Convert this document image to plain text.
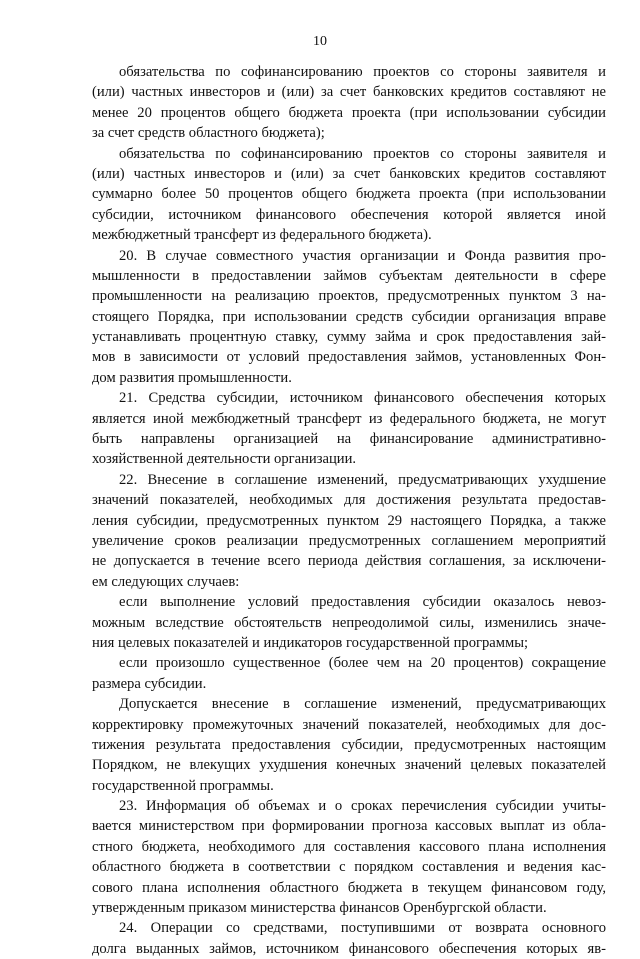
10
обязательства по софинансированию проектов со стороны заявителя и
(или) частных инвесторов и (или) за счет банковских кредитов составляют не
менее 20 процентов общего бюджета проекта (при использовании субсидии
за счет средств областного бюджета);
обязательства по софинансированию проектов со стороны заявителя и
(или) частных инвесторов и (или) за счет банковских кредитов составляют
суммарно более 50 процентов общего бюджета проекта (при использовании
субсидии, источником финансового обеспечения которой является иной
межбюджетный трансферт из федерального бюджета).
20. В случае совместного участия организации и Фонда развития про-
мышленности в предоставлении займов субъектам деятельности в сфере
промышленности на реализацию проектов, предусмотренных пунктом 3 на-
стоящего Порядка, при использовании средств субсидии организация вправе
устанавливать процентную ставку, сумму займа и срок предоставления зай-
мов в зависимости от условий предоставления займов, установленных Фон-
дом развития промышленности.
21. Средства субсидии, источником финансового обеспечения которых
является иной межбюджетный трансферт из федерального бюджета, не могут
быть направлены организацией на финансирование административно-
хозяйственной деятельности организации.
22. Внесение в соглашение изменений, предусматривающих ухудшение
значений показателей, необходимых для достижения результата предостав-
ления субсидии, предусмотренных пунктом 29 настоящего Порядка, а также
увеличение сроков реализации предусмотренных соглашением мероприятий
не допускается в течение всего периода действия соглашения, за исключени-
ем следующих случаев:
если выполнение условий предоставления субсидии оказалось невоз-
можным вследствие обстоятельств непреодолимой силы, изменились значе-
ния целевых показателей и индикаторов государственной программы;
если произошло существенное (более чем на 20 процентов) сокращение
размера субсидии.
Допускается внесение в соглашение изменений, предусматривающих
корректировку промежуточных значений показателей, необходимых для дос-
тижения результата предоставления субсидии, предусмотренных настоящим
Порядком, не влекущих ухудшения конечных значений целевых показателей
государственной программы.
23. Информация об объемах и о сроках перечисления субсидии учиты-
вается министерством при формировании прогноза кассовых выплат из обла-
стного бюджета, необходимого для составления кассового плана исполнения
областного бюджета в соответствии с порядком составления и ведения кас-
сового плана исполнения областного бюджета в текущем финансовом году,
утвержденным приказом министерства финансов Оренбургской области.
24. Операции со средствами, поступившими от возврата основного
долга выданных займов, источником финансового обеспечения которых яв-
